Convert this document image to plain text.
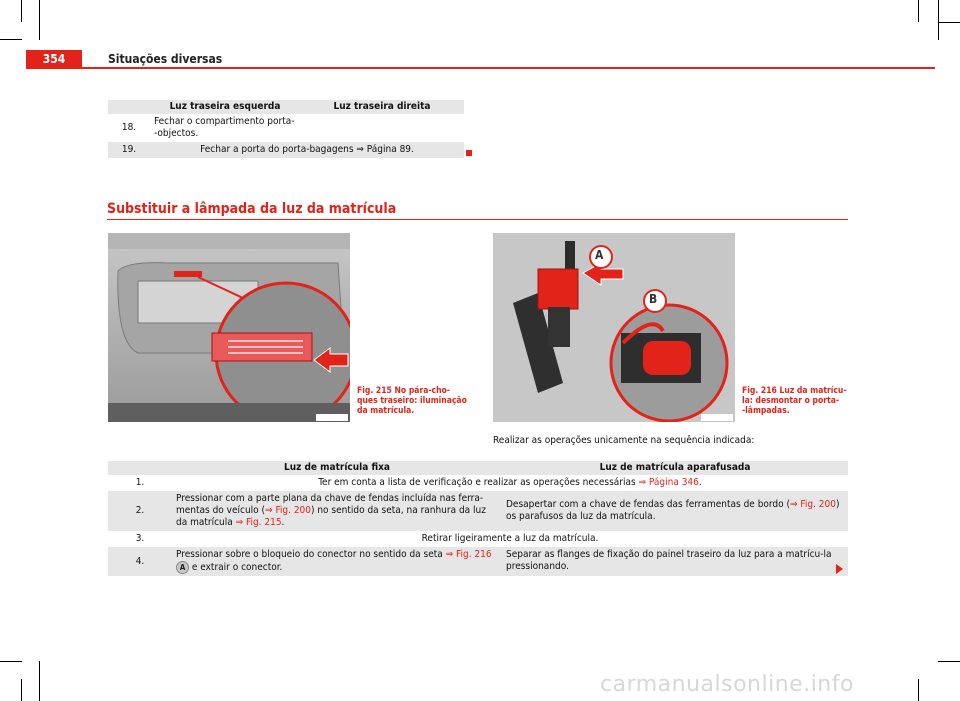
354	Situações diversas
	Luz traseira esquerda	Luz traseira direita
18.	Fechar o compartimento porta--objectos.	
19.	Fechar a porta do porta-bagagens ⇒ Página 89.	
Substituir a lâmpada da luz da matrícula
Fig. 215 No pára-cho-
ques traseiro: iluminação
da matrícula.
A
B
Fig. 216 Luz da matrícu-
la: desmontar o porta-
-lâmpadas.
Realizar as operações unicamente na sequência indicada:
	Luz de matrícula fixa	Luz de matrícula aparafusada
1.	Ter em conta a lista de verificação e realizar as operações necessárias ⇒ Página 346.	
2.	Pressionar com a parte plana da chave de fendas incluída nas ferra-mentas do veículo (⇒ Fig. 200) no sentido da seta, na ranhura da luz da matrícula ⇒ Fig. 215.	Desapertar com a chave de fendas das ferramentas de bordo (⇒ Fig. 200) os parafusos da luz da matrícula.
3.	Retirar ligeiramente a luz da matrícula.	
4.	Pressionar sobre o bloqueio do conector no sentido da seta ⇒ Fig. 216 A e extrair o conector.	Separar as flanges de fixação do painel traseiro da luz para a matrícu-la pressionando.
carmanualsonline.info
